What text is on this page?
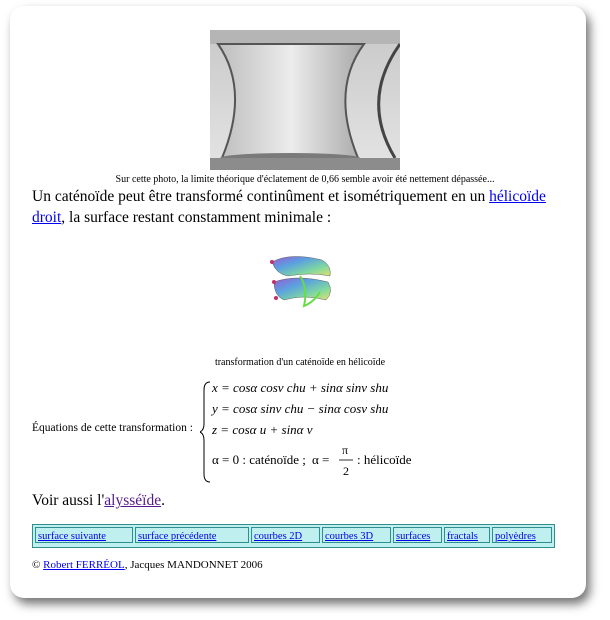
Sur cette photo, la limite théorique d'éclatement de 0,66 semble avoir été nettement dépassée...
Un caténoïde peut être transformé continûment et isométriquement en un hélicoïde droit, la surface restant constamment minimale :
transformation d'un caténoïde en hélicoïde
Équations de cette transformation :
x = cosα cosν chu + sinα sinν shu
y = cosα sinν chu − sinα cosν shu
z = cosα u + sinα ν
α = 0 : caténoïde ; α =
π
2
: hélicoïde
Voir aussi l'alysséïde.
surface suivante	surface précédente	courbes 2D	courbes 3D	surfaces	fractals	polyèdres
© Robert FERRÉOL, Jacques MANDONNET 2006
